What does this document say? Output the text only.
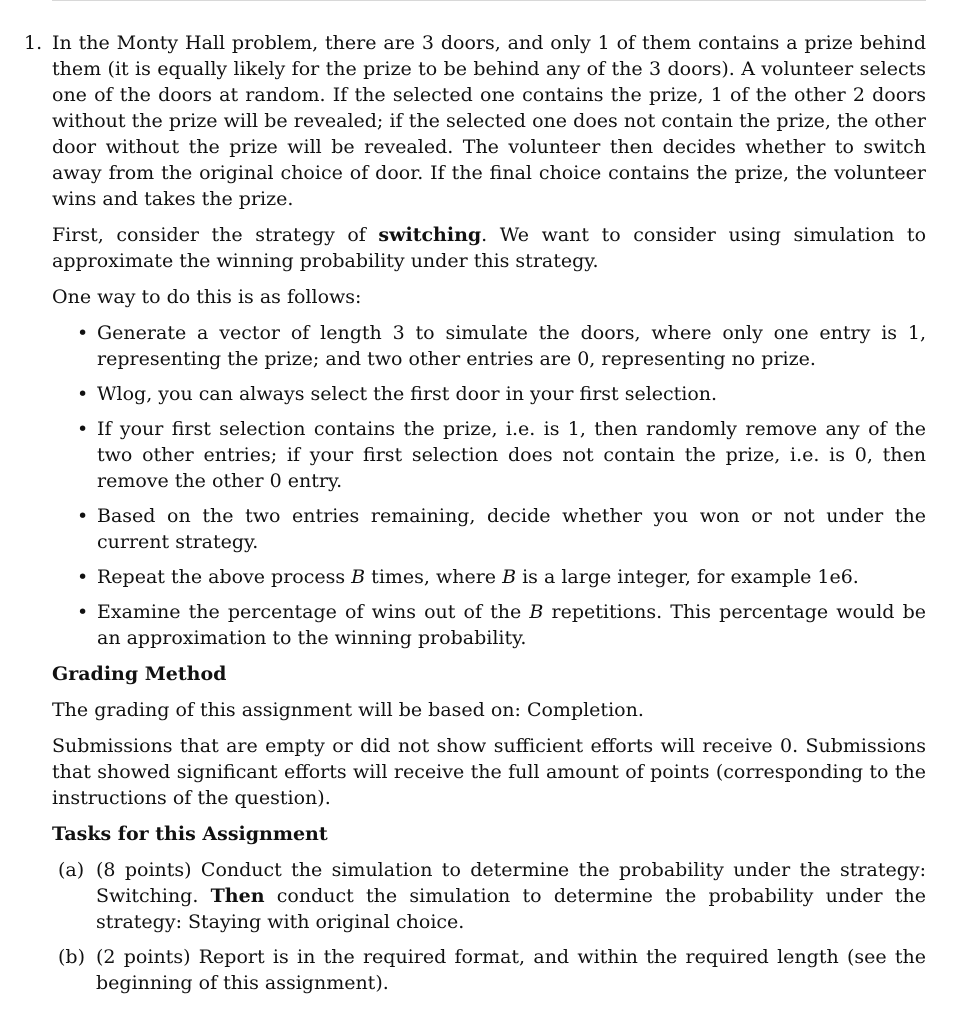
1. In the Monty Hall problem, there are 3 doors, and only 1 of them contains a prize behind them (it is equally likely for the prize to be behind any of the 3 doors). A volunteer selects one of the doors at random. If the selected one contains the prize, 1 of the other 2 doors without the prize will be revealed; if the selected one does not contain the prize, the other door without the prize will be revealed. The volunteer then decides whether to switch away from the original choice of door. If the final choice contains the prize, the volunteer wins and takes the prize.

First, consider the strategy of switching. We want to consider using simulation to approximate the winning probability under this strategy.

One way to do this is as follows:

• Generate a vector of length 3 to simulate the doors, where only one entry is 1, representing the prize; and two other entries are 0, representing no prize.
• Wlog, you can always select the first door in your first selection.
• If your first selection contains the prize, i.e. is 1, then randomly remove any of the two other entries; if your first selection does not contain the prize, i.e. is 0, then remove the other 0 entry.
• Based on the two entries remaining, decide whether you won or not under the current strategy.
• Repeat the above process B times, where B is a large integer, for example 1e6.
• Examine the percentage of wins out of the B repetitions. This percentage would be an approximation to the winning probability.
Grading Method

The grading of this assignment will be based on: Completion.

Submissions that are empty or did not show sufficient efforts will receive 0. Submissions that showed significant efforts will receive the full amount of points (corresponding to the instructions of the question).

Tasks for this Assignment
(a) (8 points) Conduct the simulation to determine the probability under the strategy: Switching. Then conduct the simulation to determine the probability under the strategy: Staying with original choice.
(b) (2 points) Report is in the required format, and within the required length (see the beginning of this assignment).
